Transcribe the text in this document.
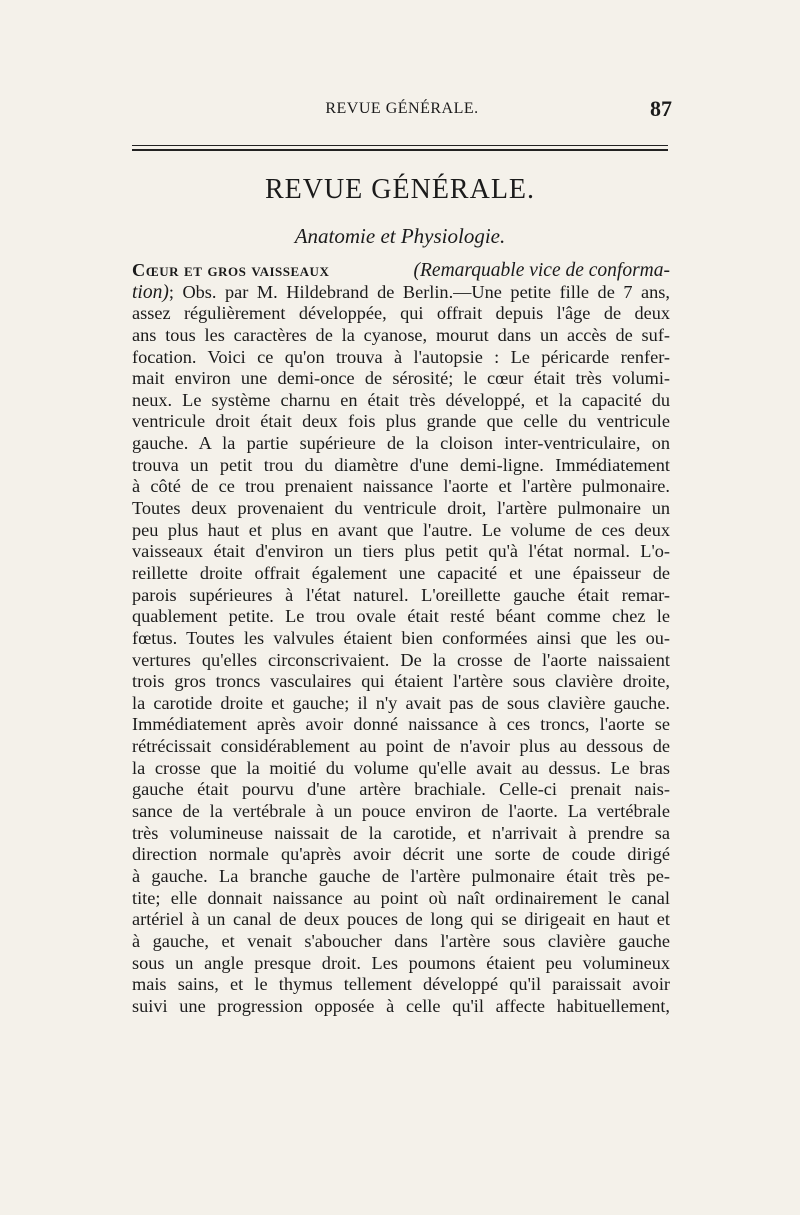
REVUE GÉNÉRALE.	87
REVUE GÉNÉRALE.
Anatomie et Physiologie.
Cœur et gros vaisseaux	(Remarquable vice de conforma-
tion); Obs. par M. Hildebrand de Berlin.—Une petite fille de 7 ans,
assez régulièrement développée, qui offrait depuis l'âge de deux
ans tous les caractères de la cyanose, mourut dans un accès de suf-
focation. Voici ce qu'on trouva à l'autopsie : Le péricarde renfer-
mait environ une demi-once de sérosité; le cœur était très volumi-
neux. Le système charnu en était très développé, et la capacité du
ventricule droit était deux fois plus grande que celle du ventricule
gauche. A la partie supérieure de la cloison inter-ventriculaire, on
trouva un petit trou du diamètre d'une demi-ligne. Immédiatement
à côté de ce trou prenaient naissance l'aorte et l'artère pulmonaire.
Toutes deux provenaient du ventricule droit, l'artère pulmonaire un
peu plus haut et plus en avant que l'autre. Le volume de ces deux
vaisseaux était d'environ un tiers plus petit qu'à l'état normal. L'o-
reillette droite offrait également une capacité et une épaisseur de
parois supérieures à l'état naturel. L'oreillette gauche était remar-
quablement petite. Le trou ovale était resté béant comme chez le
fœtus. Toutes les valvules étaient bien conformées ainsi que les ou-
vertures qu'elles circonscrivaient. De la crosse de l'aorte naissaient
trois gros troncs vasculaires qui étaient l'artère sous clavière droite,
la carotide droite et gauche; il n'y avait pas de sous clavière gauche.
Immédiatement après avoir donné naissance à ces troncs, l'aorte se
rétrécissait considérablement au point de n'avoir plus au dessous de
la crosse que la moitié du volume qu'elle avait au dessus. Le bras
gauche était pourvu d'une artère brachiale. Celle-ci prenait nais-
sance de la vertébrale à un pouce environ de l'aorte. La vertébrale
très volumineuse naissait de la carotide, et n'arrivait à prendre sa
direction normale qu'après avoir décrit une sorte de coude dirigé
à gauche. La branche gauche de l'artère pulmonaire était très pe-
tite; elle donnait naissance au point où naît ordinairement le canal
artériel à un canal de deux pouces de long qui se dirigeait en haut et
à gauche, et venait s'aboucher dans l'artère sous clavière gauche
sous un angle presque droit. Les poumons étaient peu volumineux
mais sains, et le thymus tellement développé qu'il paraissait avoir
suivi une progression opposée à celle qu'il affecte habituellement,
